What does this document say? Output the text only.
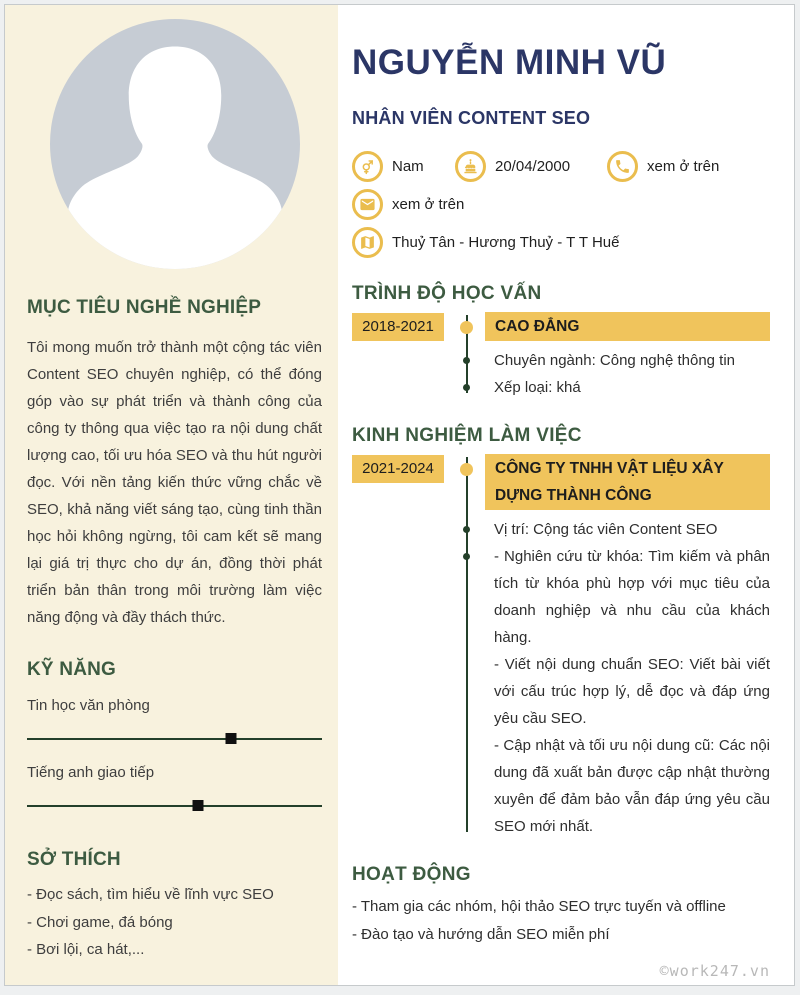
MỤC TIÊU NGHỀ NGHIỆP

Tôi mong muốn trở thành một cộng tác viên Content SEO chuyên nghiệp, có thể đóng góp vào sự phát triển và thành công của công ty thông qua việc tạo ra nội dung chất lượng cao, tối ưu hóa SEO và thu hút người đọc. Với nền tảng kiến thức vững chắc về SEO, khả năng viết sáng tạo, cùng tinh thần học hỏi không ngừng, tôi cam kết sẽ mang lại giá trị thực cho dự án, đồng thời phát triển bản thân trong môi trường làm việc năng động và đầy thách thức.

KỸ NĂNG
Tin học văn phòng
Tiếng anh giao tiếp
SỞ THÍCH
- Đọc sách, tìm hiểu về lĩnh vực SEO
- Chơi game, đá bóng
- Bơi lội, ca hát,...
NGUYỄN MINH VŨ
NHÂN VIÊN CONTENT SEO
Nam	20/04/2000	xem ở trên
xem ở trên
Thuỷ Tân - Hương Thuỷ - T T Huế
TRÌNH ĐỘ HỌC VẤN
2018-2021	CAO ĐẲNG
Chuyên ngành: Công nghệ thông tin
Xếp loại: khá
KINH NGHIỆM LÀM VIỆC
2021-2024	CÔNG TY TNHH VẬT LIỆU XÂY DỰNG THÀNH CÔNG
Vị trí: Cộng tác viên Content SEO
- Nghiên cứu từ khóa: Tìm kiếm và phân tích từ khóa phù hợp với mục tiêu của doanh nghiệp và nhu cầu của khách hàng.
- Viết nội dung chuẩn SEO: Viết bài viết với cấu trúc hợp lý, dễ đọc và đáp ứng yêu cầu SEO.
- Cập nhật và tối ưu nội dung cũ: Các nội dung đã xuất bản được cập nhật thường xuyên để đảm bảo vẫn đáp ứng yêu cầu SEO mới nhất.
HOẠT ĐỘNG
- Tham gia các nhóm, hội thảo SEO trực tuyến và offline
- Đào tạo và hướng dẫn SEO miễn phí
©work247.vn
